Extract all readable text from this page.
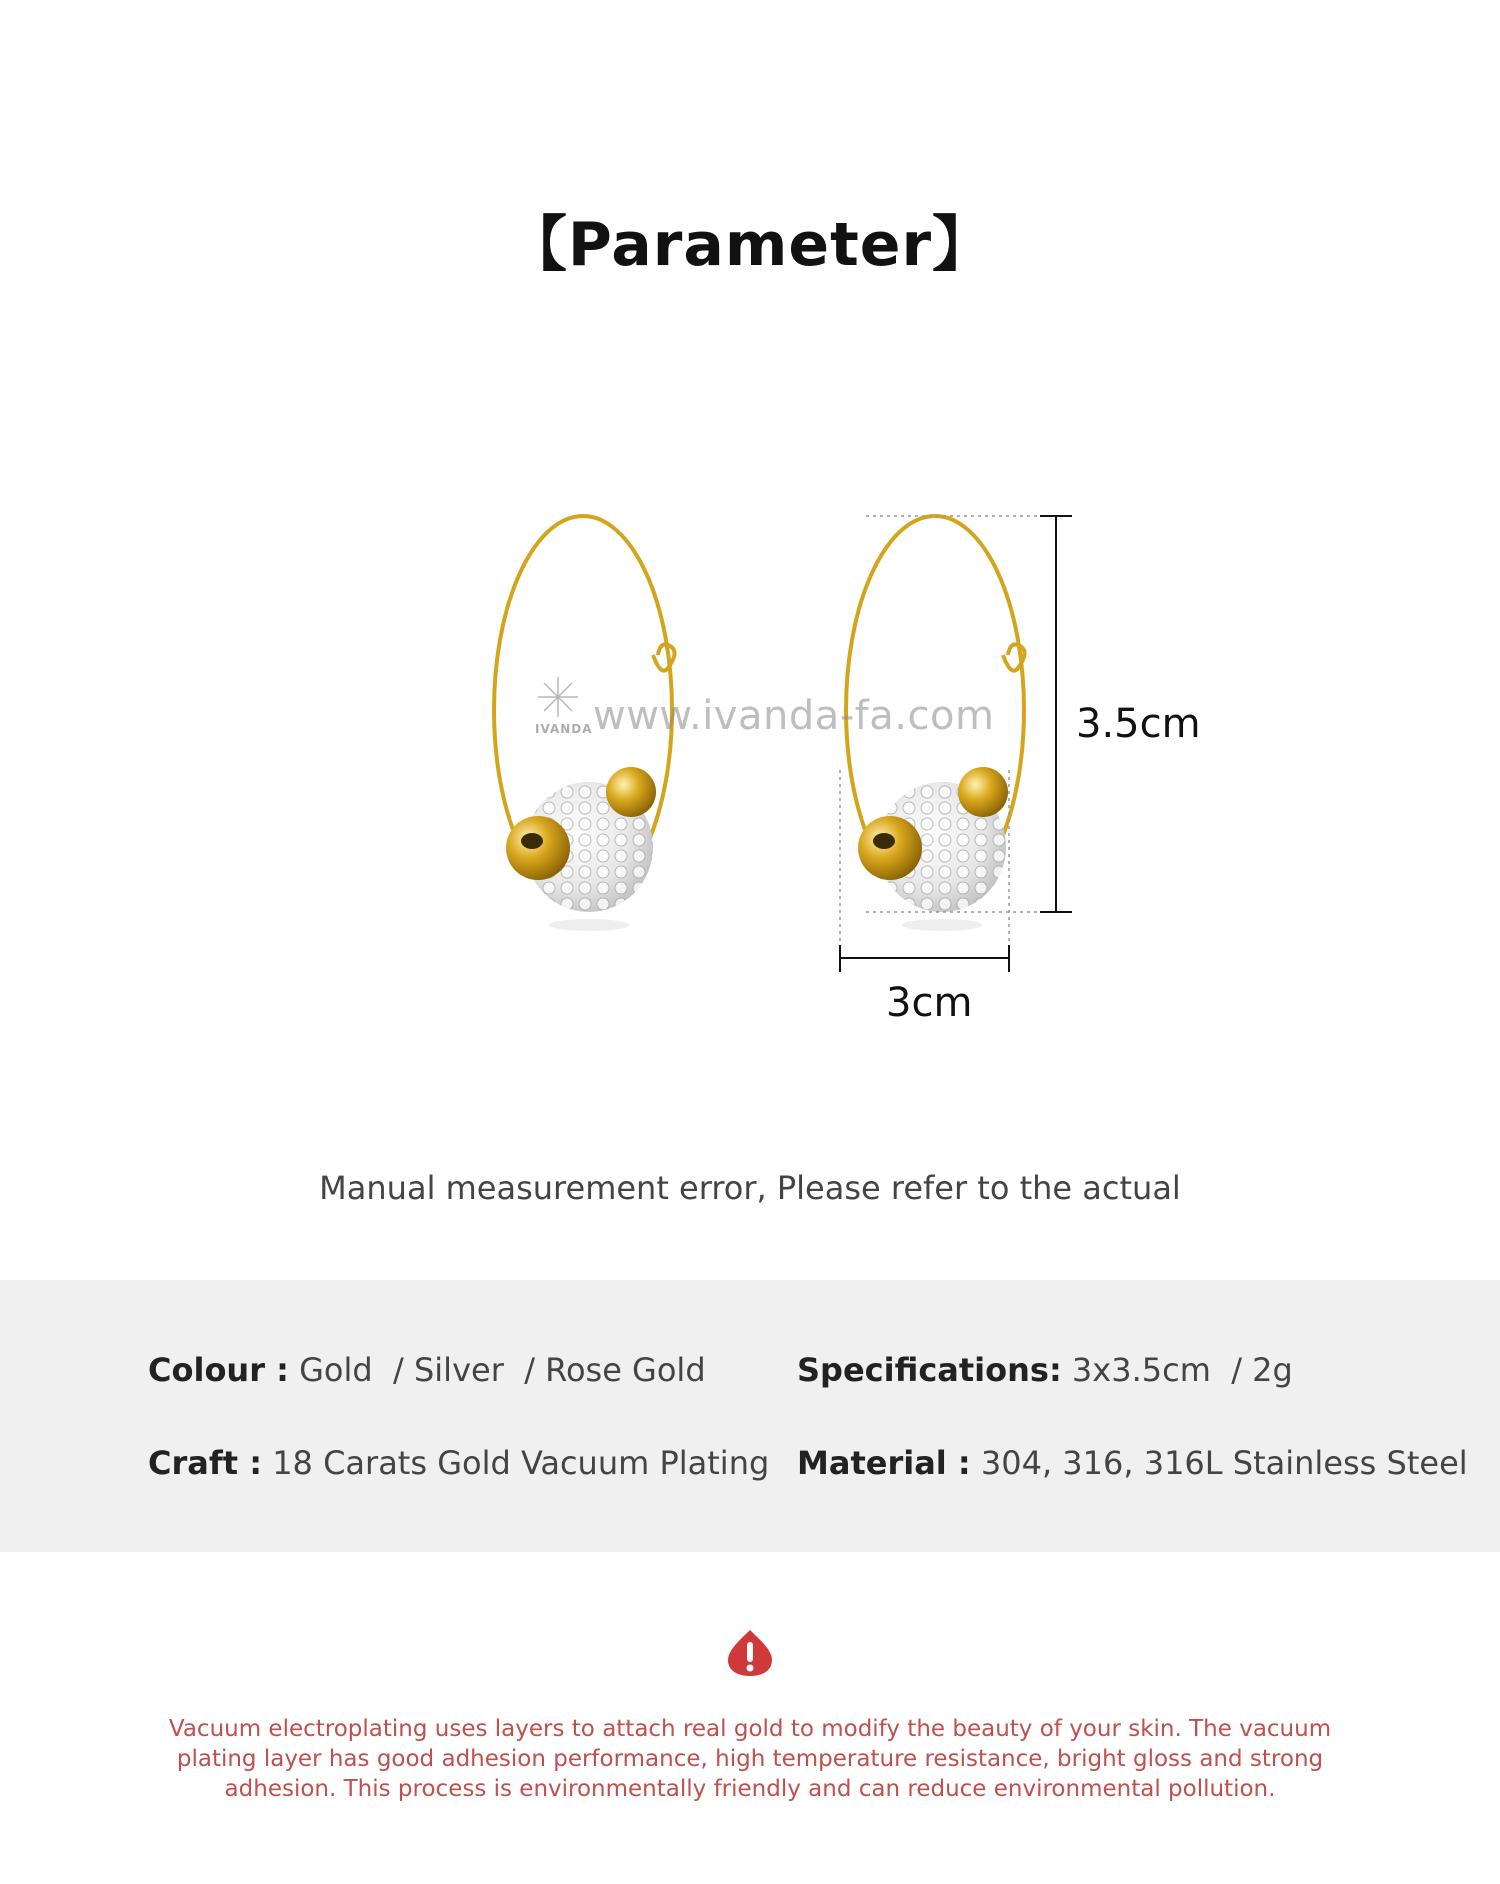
【Parameter】
IVANDA www.ivanda-fa.com 3.5cm
3cm
Manual measurement error, Please refer to the actual
Colour : Gold  / Silver  / Rose Gold	Specifications: 3x3.5cm  / 2g
Craft : 18 Carats Gold Vacuum Plating Material : 304, 316, 316L Stainless Steel
Vacuum electroplating uses layers to attach real gold to modify the beauty of your skin. The vacuum plating layer has good adhesion performance, high temperature resistance, bright gloss and strong adhesion. This process is environmentally friendly and can reduce environmental pollution.
